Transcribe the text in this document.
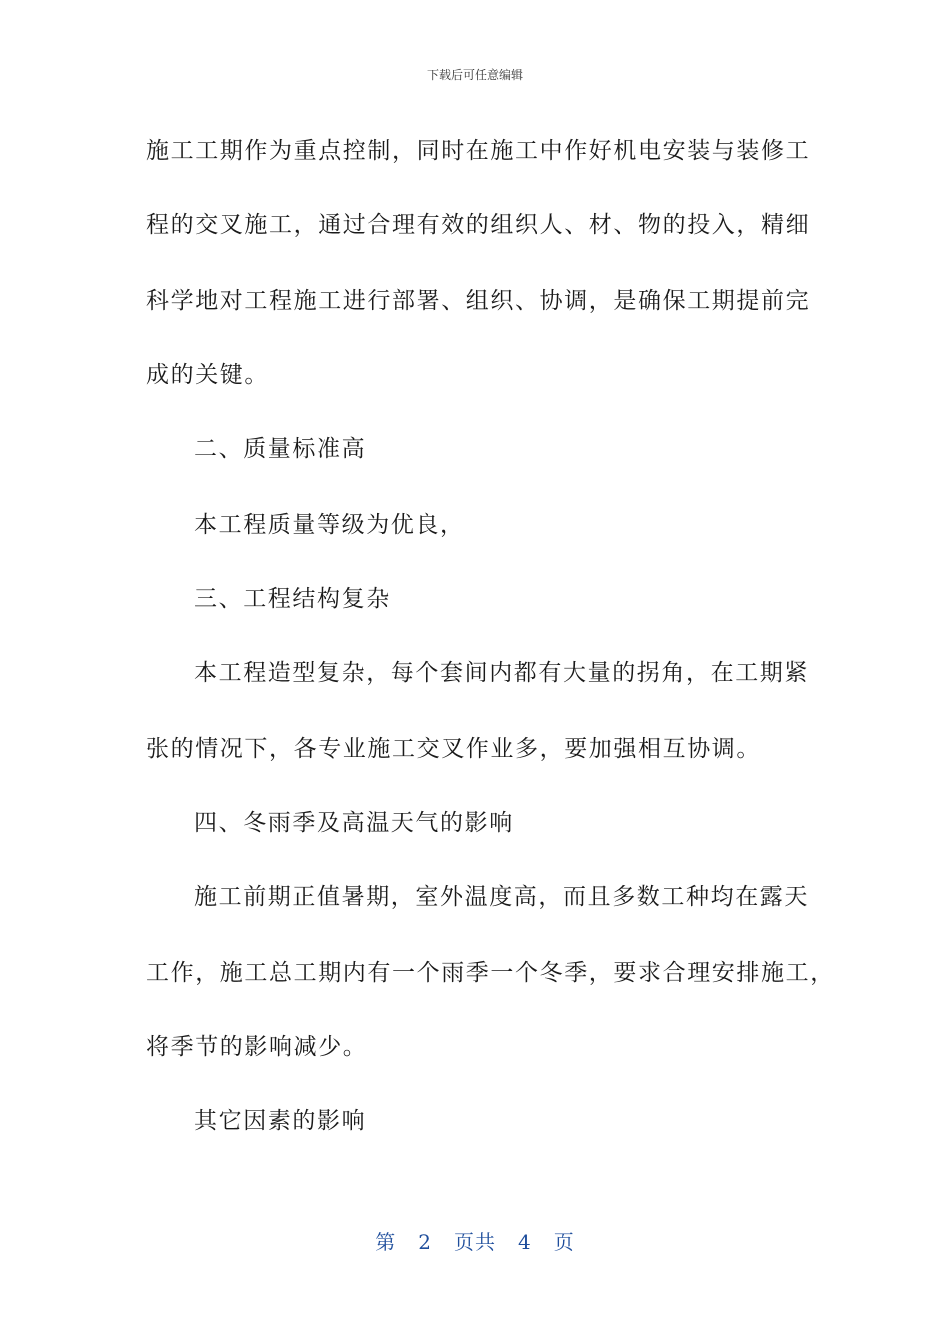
下载后可任意编辑
施工工期作为重点控制，同时在施工中作好机电安装与装修工
程的交叉施工，通过合理有效的组织人、材、物的投入，精细
科学地对工程施工进行部署、组织、协调，是确保工期提前完
成的关键。
二、质量标准高
本工程质量等级为优良，
三、工程结构复杂
本工程造型复杂，每个套间内都有大量的拐角，在工期紧
张的情况下，各专业施工交叉作业多，要加强相互协调。
四、冬雨季及高温天气的影响
施工前期正值暑期，室外温度高，而且多数工种均在露天
工作，施工总工期内有一个雨季一个冬季，要求合理安排施工，
将季节的影响减少。
其它因素的影响
第 2 页共 4 页
